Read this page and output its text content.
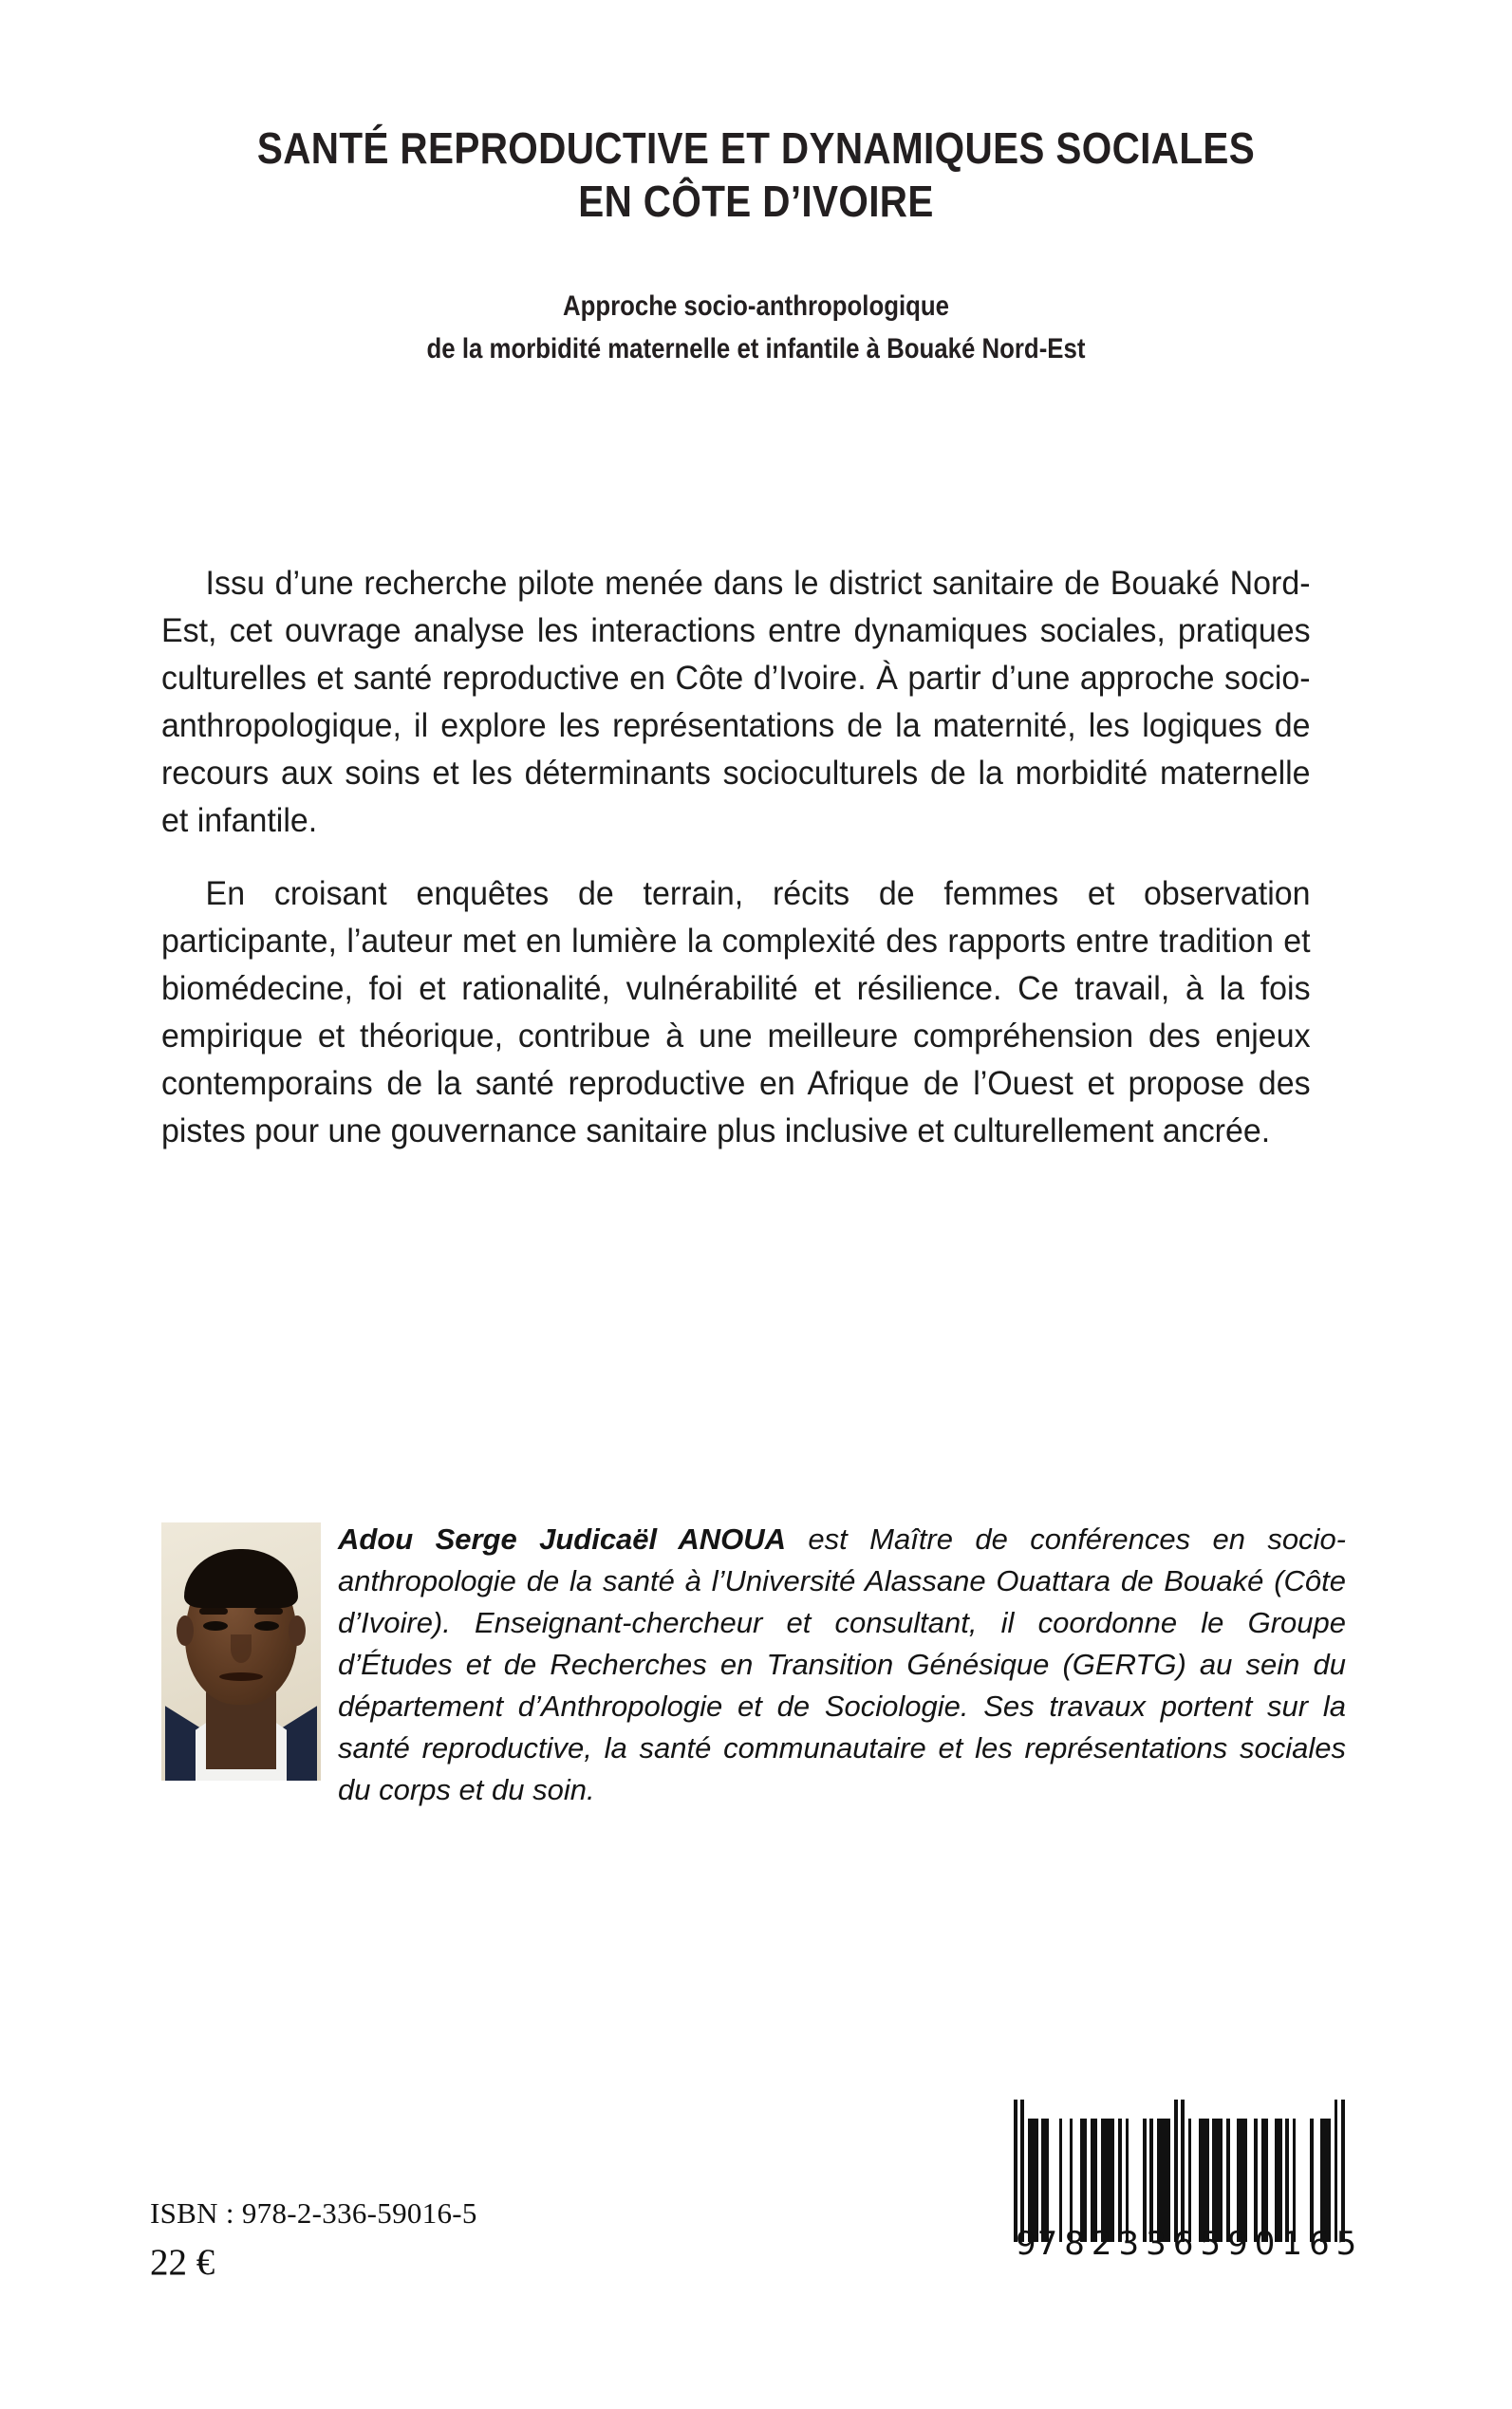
SANTÉ REPRODUCTIVE ET DYNAMIQUES SOCIALES
EN CÔTE D’IVOIRE
Approche socio-anthropologique
de la morbidité maternelle et infantile à Bouaké Nord-Est

Issu d’une recherche pilote menée dans le district sanitaire de Bouaké Nord-Est, cet ouvrage analyse les interactions entre dynamiques sociales, pratiques culturelles et santé reproductive en Côte d’Ivoire. À partir d’une approche socio-anthropologique, il explore les représentations de la maternité, les logiques de recours aux soins et les déterminants socioculturels de la morbidité maternelle et infantile.

En croisant enquêtes de terrain, récits de femmes et observation participante, l’auteur met en lumière la complexité des rapports entre tradition et biomédecine, foi et rationalité, vulnérabilité et résilience. Ce travail, à la fois empirique et théorique, contribue à une meilleure compréhension des enjeux contemporains de la santé reproductive en Afrique de l’Ouest et propose des pistes pour une gouvernance sanitaire plus inclusive et culturellement ancrée.

Adou Serge Judicaël ANOUA est Maître de conférences en socio-anthropologie de la santé à l’Université Alassane Ouattara de Bouaké (Côte d’Ivoire). Enseignant-chercheur et consultant, il coordonne le Groupe d’Études et de Recherches en Transition Génésique (GERTG) au sein du département d’Anthropologie et de Sociologie. Ses travaux portent sur la santé reproductive, la santé communautaire et les représentations sociales du corps et du soin.

ISBN : 978-2-336-59016-5
22 €	9 782336 590165
